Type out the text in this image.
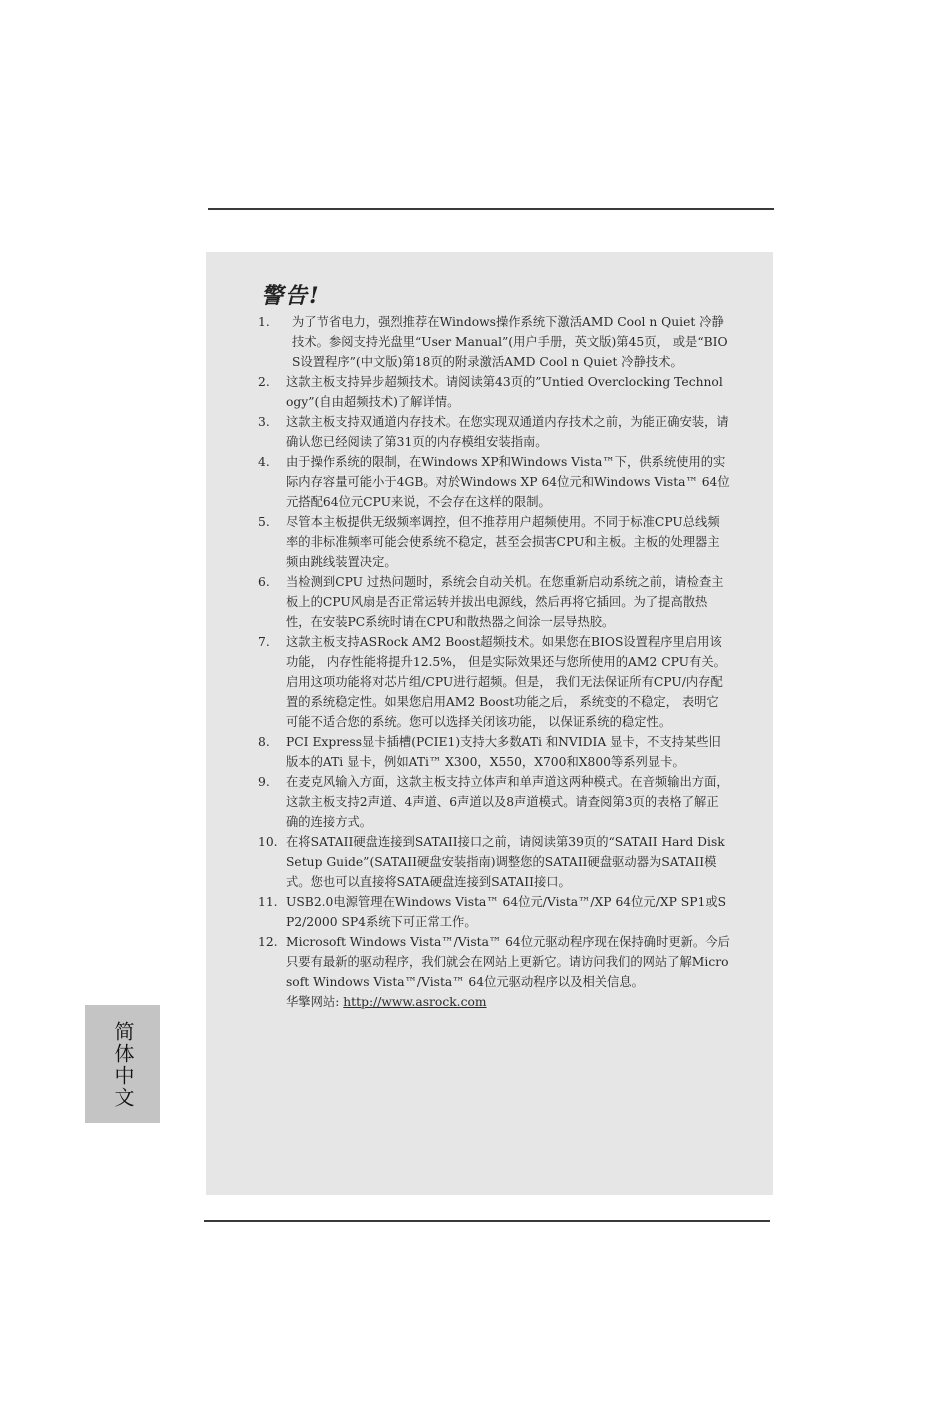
警告!
1.	为了节省电力，强烈推荐在Windows操作系统下激活AMD Cool n Quiet 冷静技术。参阅支持光盘里“User Manual”(用户手册，英文版)第45页， 或是“BIOS设置程序”(中文版)第18页的附录激活AMD Cool n Quiet 冷静技术。
2.	这款主板支持异步超频技术。请阅读第43页的”Untied Overclocking Technology”(自由超频技术)了解详情。
3.	这款主板支持双通道内存技术。在您实现双通道内存技术之前，为能正确安装，请确认您已经阅读了第31页的内存模组安装指南。
4.	由于操作系统的限制，在Windows XP和Windows Vista™下，供系统使用的实际内存容量可能小于4GB。对於Windows XP 64位元和Windows Vista™ 64位元搭配64位元CPU来说，不会存在这样的限制。
5.	尽管本主板提供无级频率调控，但不推荐用户超频使用。不同于标准CPU总线频率的非标准频率可能会使系统不稳定，甚至会损害CPU和主板。主板的处理器主频由跳线装置决定。
6.	当检测到CPU 过热问题时，系统会自动关机。在您重新启动系统之前，请检查主板上的CPU风扇是否正常运转并拔出电源线，然后再将它插回。为了提高散热性，在安装PC系统时请在CPU和散热器之间涂一层导热胶。
7.	这款主板支持ASRock AM2 Boost超频技术。如果您在BIOS设置程序里启用该功能， 内存性能将提升12.5%， 但是实际效果还与您所使用的AM2 CPU有关。启用这项功能将对芯片组/CPU进行超频。但是， 我们无法保证所有CPU/内存配置的系统稳定性。如果您启用AM2 Boost功能之后， 系统变的不稳定， 表明它可能不适合您的系统。您可以选择关闭该功能， 以保证系统的稳定性。
8.	PCI Express显卡插槽(PCIE1)支持大多数ATi 和NVIDIA 显卡，不支持某些旧版本的ATi 显卡，例如ATi™ X300，X550，X700和X800等系列显卡。
9.	在麦克风输入方面，这款主板支持立体声和单声道这两种模式。在音频输出方面，这款主板支持2声道、4声道、6声道以及8声道模式。请查阅第3页的表格了解正确的连接方式。
10. 在将SATAII硬盘连接到SATAII接口之前，请阅读第39页的“SATAII Hard Disk Setup Guide”(SATAII硬盘安装指南)调整您的SATAII硬盘驱动器为SATAII模式。您也可以直接将SATA硬盘连接到SATAII接口。
11. USB2.0电源管理在Windows Vista™ 64位元/Vista™/XP 64位元/XP SP1或SP2/2000 SP4系统下可正常工作。
12. Microsoft Windows Vista™/Vista™ 64位元驱动程序现在保持确时更新。今后只要有最新的驱动程序，我们就会在网站上更新它。请访问我们的网站了解Microsoft Windows Vista™/Vista™ 64位元驱动程序以及相关信息。
华擎网站: http://www.asrock.com
简体中文
